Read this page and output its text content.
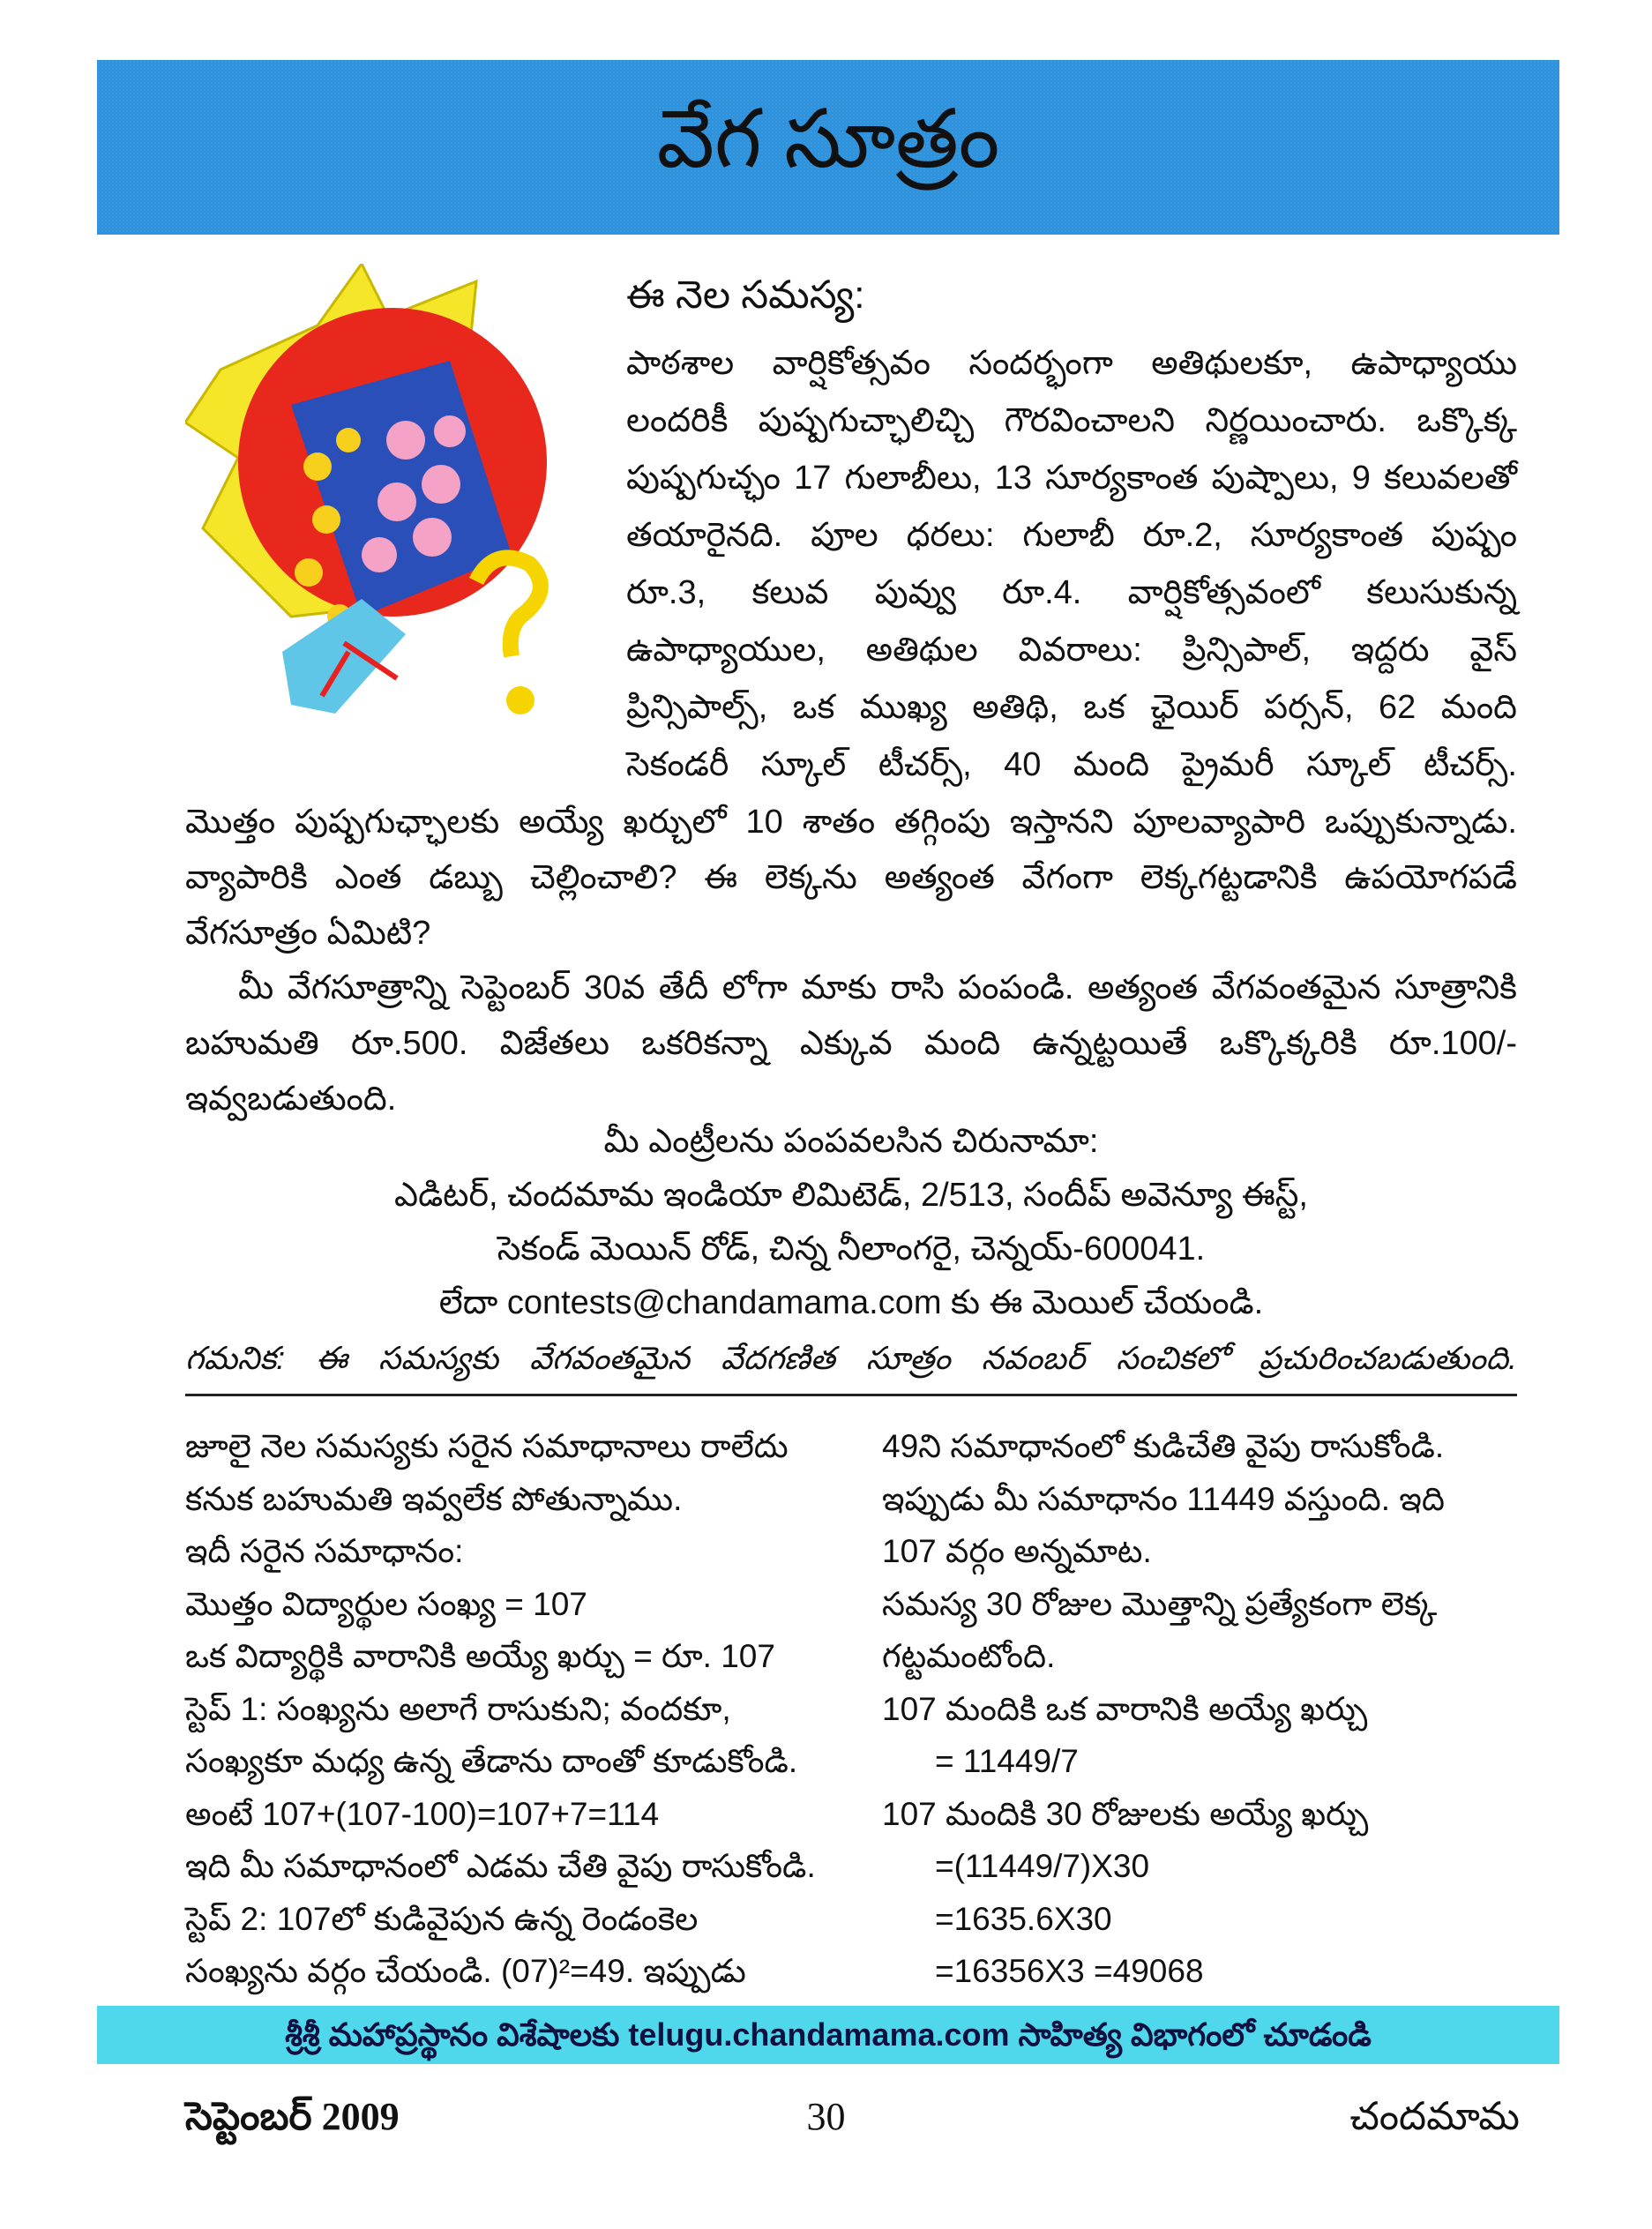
వేగ సూత్రం
ఈ నెల సమస్య:
పాఠశాల వార్షికోత్సవం సందర్భంగా అతిథులకూ, ఉపాధ్యాయు
లందరికీ పుష్పగుచ్ఛాలిచ్చి గౌరవించాలని నిర్ణయించారు. ఒక్కొక్క
పుష్పగుచ్ఛం 17 గులాబీలు, 13 సూర్యకాంత పుష్పాలు, 9 కలువలతో
తయారైనది. పూల ధరలు: గులాబీ రూ.2, సూర్యకాంత పుష్పం
రూ.3, కలువ పువ్వు రూ.4. వార్షికోత్సవంలో కలుసుకున్న
ఉపాధ్యాయుల, అతిథుల వివరాలు: ప్రిన్సిపాల్, ఇద్దరు వైస్
ప్రిన్సిపాల్స్, ఒక ముఖ్య అతిథి, ఒక ఛైయిర్ పర్సన్, 62 మంది
సెకండరీ స్కూల్ టీచర్స్, 40 మంది ప్రైమరీ స్కూల్ టీచర్స్.
మొత్తం పుష్పగుఛ్ఛాలకు అయ్యే ఖర్చులో 10 శాతం తగ్గింపు ఇస్తానని పూలవ్యాపారి ఒప్పుకున్నాడు.
వ్యాపారికి ఎంత డబ్బు చెల్లించాలి? ఈ లెక్కను అత్యంత వేగంగా లెక్కగట్టడానికి ఉపయోగపడే
వేగసూత్రం ఏమిటి?
మీ వేగసూత్రాన్ని సెప్టెంబర్ 30వ తేదీ లోగా మాకు రాసి పంపండి. అత్యంత వేగవంతమైన సూత్రానికి
బహుమతి రూ.500. విజేతలు ఒకరికన్నా ఎక్కువ మంది ఉన్నట్టయితే ఒక్కొక్కరికి రూ.100/-
ఇవ్వబడుతుంది.
మీ ఎంట్రీలను పంపవలసిన చిరునామా:
ఎడిటర్, చందమామ ఇండియా లిమిటెడ్, 2/513, సందీప్ అవెన్యూ ఈస్ట్,
సెకండ్ మెయిన్ రోడ్, చిన్న నీలాంగరై, చెన్నయ్-600041.
లేదా contests@chandamama.com కు ఈ మెయిల్ చేయండి.
గమనిక: ఈ సమస్యకు వేగవంతమైన వేదగణిత సూత్రం నవంబర్ సంచికలో ప్రచురించబడుతుంది.
జూలై నెల సమస్యకు సరైన సమాధానాలు రాలేదు
కనుక బహుమతి ఇవ్వలేక పోతున్నాము.
ఇదీ సరైన సమాధానం:
మొత్తం విద్యార్థుల సంఖ్య = 107
ఒక విద్యార్థికి వారానికి అయ్యే ఖర్చు = రూ. 107
స్టెప్ 1: సంఖ్యను అలాగే రాసుకుని; వందకూ,
సంఖ్యకూ మధ్య ఉన్న తేడాను దాంతో కూడుకోండి.
అంటే 107+(107-100)=107+7=114
ఇది మీ సమాధానంలో ఎడమ చేతి వైపు రాసుకోండి.
స్టెప్ 2: 107లో కుడివైపున ఉన్న రెండంకెల
సంఖ్యను వర్గం చేయండి. (07)²=49. ఇప్పుడు
49ని సమాధానంలో కుడిచేతి వైపు రాసుకోండి.
ఇప్పుడు మీ సమాధానం 11449 వస్తుంది. ఇది
107 వర్గం అన్నమాట.
సమస్య 30 రోజుల మొత్తాన్ని ప్రత్యేకంగా లెక్క
గట్టమంటోంది.
107 మందికి ఒక వారానికి అయ్యే ఖర్చు
= 11449/7
107 మందికి 30 రోజులకు అయ్యే ఖర్చు
=(11449/7)X30
=1635.6X30
=16356X3 =49068
శ్రీశ్రీ మహాప్రస్థానం విశేషాలకు telugu.chandamama.com సాహిత్య విభాగంలో చూడండి
సెప్టెంబర్ 2009	30	చందమామ
